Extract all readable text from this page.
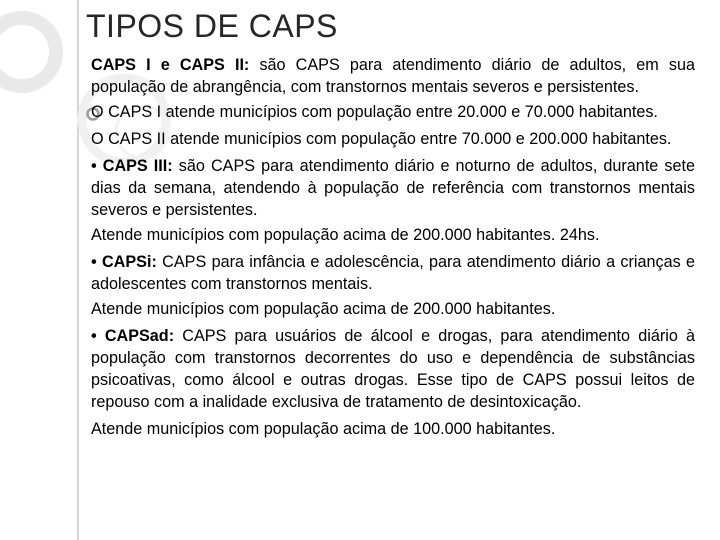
TIPOS DE CAPS

CAPS I e CAPS II: são CAPS para atendimento diário de adultos, em sua população de abrangência, com transtornos mentais severos e persistentes.

O CAPS I atende municípios com população entre 20.000 e 70.000 habitantes.

O CAPS II atende municípios com população entre 70.000 e 200.000 habitantes.

• CAPS III: são CAPS para atendimento diário e noturno de adultos, durante sete dias da semana, atendendo à população de referência com transtornos mentais severos e persistentes.

Atende municípios com população acima de 200.000 habitantes. 24hs.

• CAPSi: CAPS para infância e adolescência, para atendimento diário a crianças e adolescentes com transtornos mentais.

Atende municípios com população acima de 200.000 habitantes.

• CAPSad: CAPS para usuários de álcool e drogas, para atendimento diário à população com transtornos decorrentes do uso e dependência de substâncias psicoativas, como álcool e outras drogas. Esse tipo de CAPS possui leitos de repouso com a inalidade exclusiva de tratamento de desintoxicação.

Atende municípios com população acima de 100.000 habitantes.
